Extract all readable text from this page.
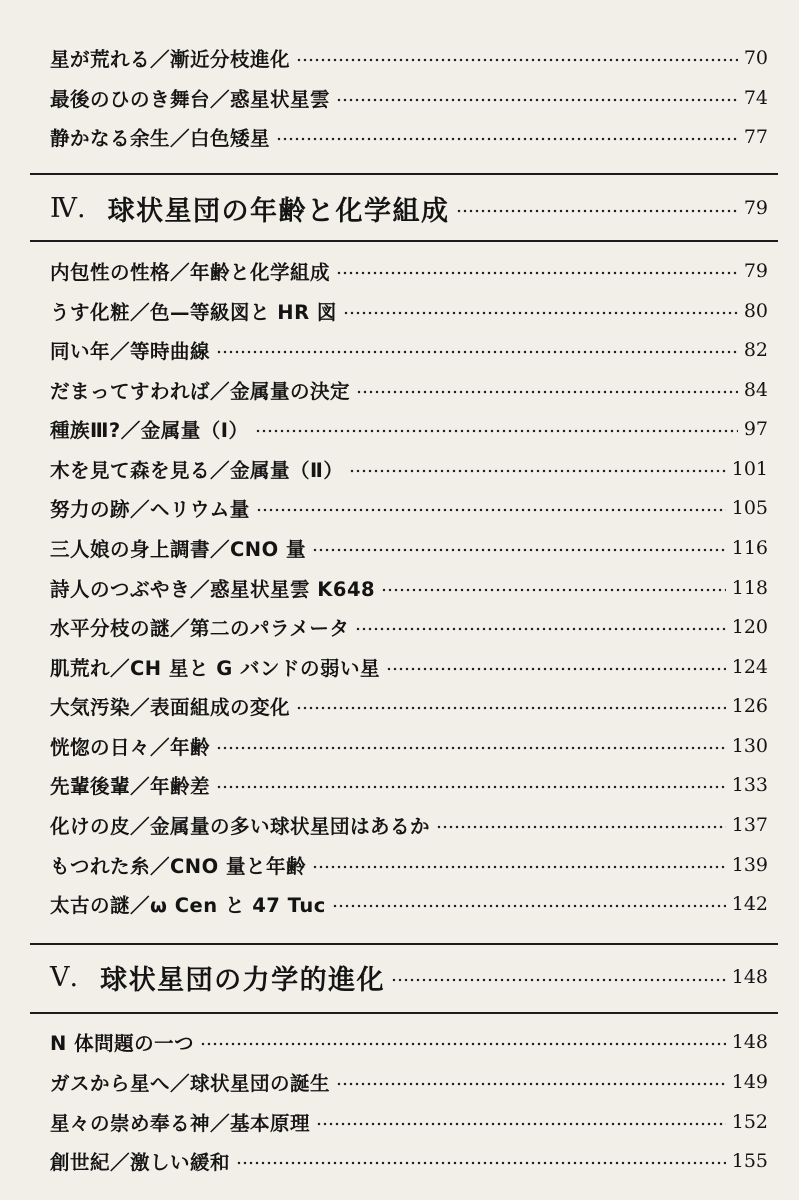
星が荒れる／漸近分枝進化	70
最後のひのき舞台／惑星状星雲	74
静かなる余生／白色矮星	77
Ⅳ. 球状星団の年齢と化学組成	79
内包性の性格／年齢と化学組成	79
うす化粧／色—等級図と HR 図	80
同い年／等時曲線	82
だまってすわれば／金属量の決定	84
種族Ⅲ?／金属量（Ⅰ）	97
木を見て森を見る／金属量（Ⅱ）	101
努力の跡／ヘリウム量	105
三人娘の身上調書／CNO 量	116
詩人のつぶやき／惑星状星雲 K648	118
水平分枝の謎／第二のパラメータ	120
肌荒れ／CH 星と G バンドの弱い星	124
大気汚染／表面組成の変化	126
恍惚の日々／年齢	130
先輩後輩／年齢差	133
化けの皮／金属量の多い球状星団はあるか	137
もつれた糸／CNO 量と年齢	139
太古の謎／ω Cen と 47 Tuc	142
Ⅴ. 球状星団の力学的進化	148
N 体問題の一つ	148
ガスから星へ／球状星団の誕生	149
星々の崇め奉る神／基本原理	152
創世紀／激しい緩和	155
